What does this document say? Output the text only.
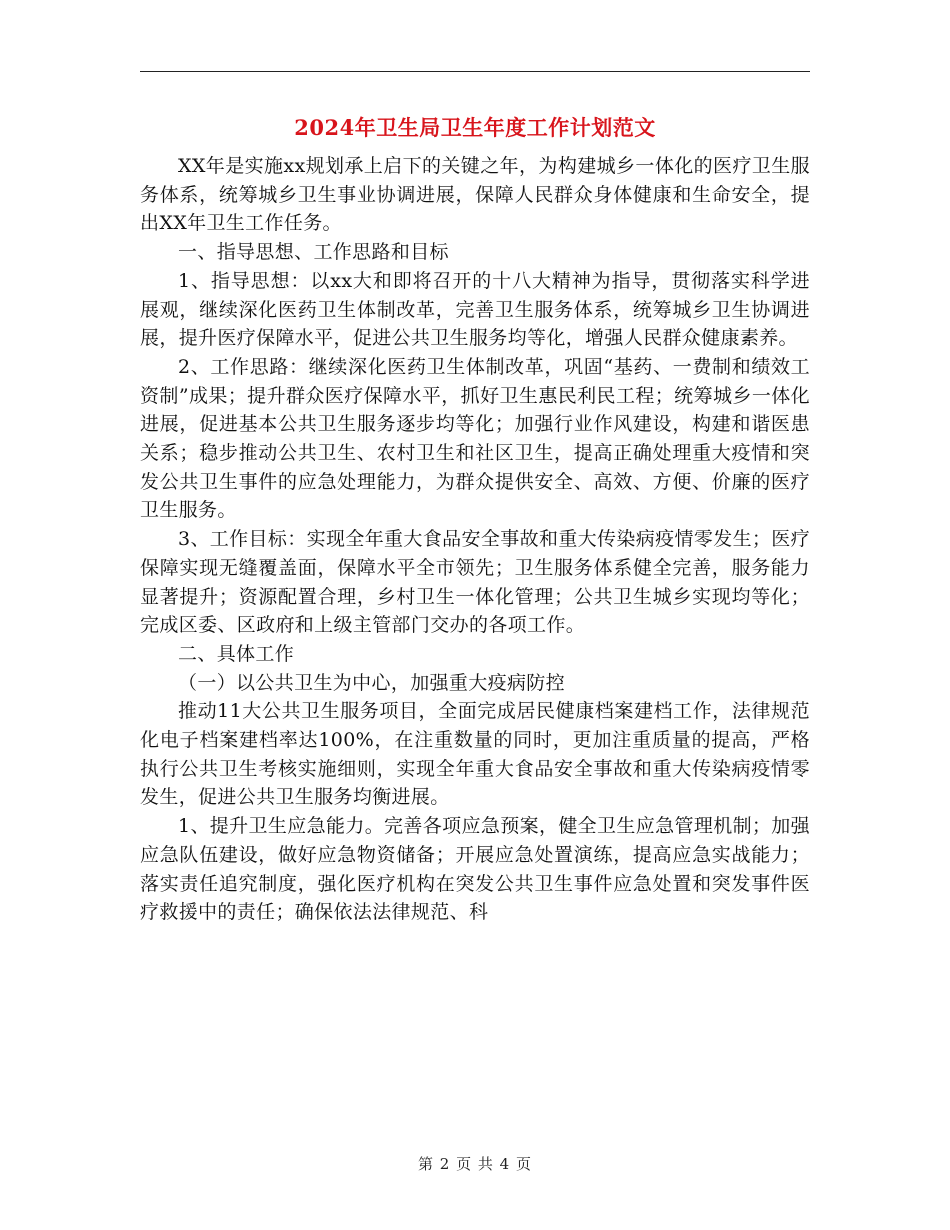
2024年卫生局卫生年度工作计划范文

XX年是实施xx规划承上启下的关键之年，为构建城乡一体化的医疗卫生服务体系，统筹城乡卫生事业协调进展，保障人民群众身体健康和生命安全，提出XX年卫生工作任务。

一、指导思想、工作思路和目标

1、指导思想：以xx大和即将召开的十八大精神为指导，贯彻落实科学进展观，继续深化医药卫生体制改革，完善卫生服务体系，统筹城乡卫生协调进展，提升医疗保障水平，促进公共卫生服务均等化，增强人民群众健康素养。

2、工作思路：继续深化医药卫生体制改革，巩固“基药、一费制和绩效工资制”成果；提升群众医疗保障水平，抓好卫生惠民利民工程；统筹城乡一体化进展，促进基本公共卫生服务逐步均等化；加强行业作风建设，构建和谐医患关系；稳步推动公共卫生、农村卫生和社区卫生，提高正确处理重大疫情和突发公共卫生事件的应急处理能力，为群众提供安全、高效、方便、价廉的医疗卫生服务。

3、工作目标：实现全年重大食品安全事故和重大传染病疫情零发生；医疗保障实现无缝覆盖面，保障水平全市领先；卫生服务体系健全完善，服务能力显著提升；资源配置合理，乡村卫生一体化管理；公共卫生城乡实现均等化；完成区委、区政府和上级主管部门交办的各项工作。

二、具体工作

（一）以公共卫生为中心，加强重大疫病防控

推动11大公共卫生服务项目，全面完成居民健康档案建档工作，法律规范化电子档案建档率达100%，在注重数量的同时，更加注重质量的提高，严格执行公共卫生考核实施细则，实现全年重大食品安全事故和重大传染病疫情零发生，促进公共卫生服务均衡进展。

1、提升卫生应急能力。完善各项应急预案，健全卫生应急管理机制；加强应急队伍建设，做好应急物资储备；开展应急处置演练，提高应急实战能力；落实责任追究制度，强化医疗机构在突发公共卫生事件应急处置和突发事件医疗救援中的责任；确保依法法律规范、科

第 2 页 共 4 页
